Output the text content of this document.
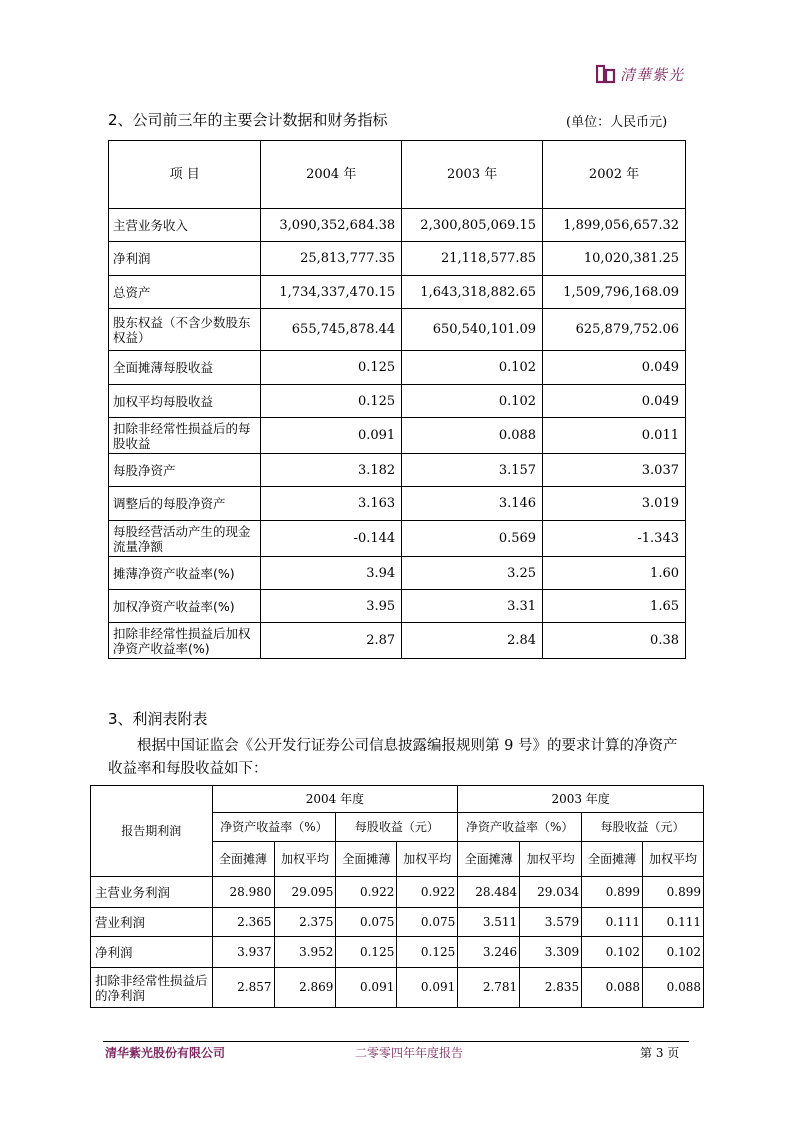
清華紫光
2、公司前三年的主要会计数据和财务指标	(单位：人民币元)
项 目	2004 年	2003 年	2002 年
主营业务收入	3,090,352,684.38	2,300,805,069.15	1,899,056,657.32
净利润	25,813,777.35	21,118,577.85	10,020,381.25
总资产	1,734,337,470.15	1,643,318,882.65	1,509,796,168.09
股东权益（不含少数股东权益）	655,745,878.44	650,540,101.09	625,879,752.06
全面摊薄每股收益	0.125	0.102	0.049
加权平均每股收益	0.125	0.102	0.049
扣除非经常性损益后的每股收益	0.091	0.088	0.011
每股净资产	3.182	3.157	3.037
调整后的每股净资产	3.163	3.146	3.019
每股经营活动产生的现金流量净额	-0.144	0.569	-1.343
摊薄净资产收益率(%)	3.94	3.25	1.60
加权净资产收益率(%)	3.95	3.31	1.65
扣除非经常性损益后加权净资产收益率(%)	2.87	2.84	0.38
3、利润表附表
根据中国证监会《公开发行证券公司信息披露编报规则第 9 号》的要求计算的净资产收益率和每股收益如下：
报告期利润	2004 年度				2003 年度			
	净资产收益率（%）		每股收益（元）		净资产收益率（%）		每股收益（元）	
	全面摊薄	加权平均	全面摊薄	加权平均	全面摊薄	加权平均	全面摊薄	加权平均
主营业务利润	28.980	29.095	0.922	0.922	28.484	29.034	0.899	0.899
营业利润	2.365	2.375	0.075	0.075	3.511	3.579	0.111	0.111
净利润	3.937	3.952	0.125	0.125	3.246	3.309	0.102	0.102
扣除非经常性损益后的净利润	2.857	2.869	0.091	0.091	2.781	2.835	0.088	0.088
清华紫光股份有限公司	二零零四年年度报告	第 3 页
